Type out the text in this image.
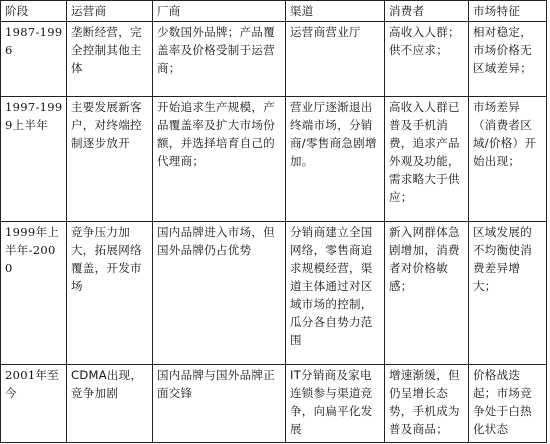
阶段	运营商	厂商	渠道	消费者	市场特征
1987-1996	垄断经营，完全控制其他主体	少数国外品牌；产品覆盖率及价格受制于运营商；	运营商营业厅	高收入人群；供不应求；	相对稳定，市场价格无区域差异；
1997-1999上半年	主要发展新客户，对终端控制逐步放开	开始追求生产规模，产品覆盖率及扩大市场份额，并选择培育自己的代理商；	营业厅逐渐退出终端市场，分销商/零售商急剧增加。	高收入人群已普及手机消费，追求产品外观及功能，需求略大于供应；	市场差异（消费者区域/价格）开始出现；
1999年上半年-2000	竞争压力加大，拓展网络覆盖，开发市场	国内品牌进入市场，但国外品牌仍占优势	分销商建立全国网络，零售商追求规模经营，渠道主体通过对区域市场的控制，瓜分各自势力范围	新入网群体急剧增加，消费者对价格敏感；	区域发展的不均衡使消费差异增大；
2001年至今	CDMA出现，竞争加剧	国内品牌与国外品牌正面交锋	IT分销商及家电连锁参与渠道竞争，向扁平化发展	增速渐缓，但仍呈增长态势，手机成为普及商品；	价格战迭起；市场竞争处于白热化状态
